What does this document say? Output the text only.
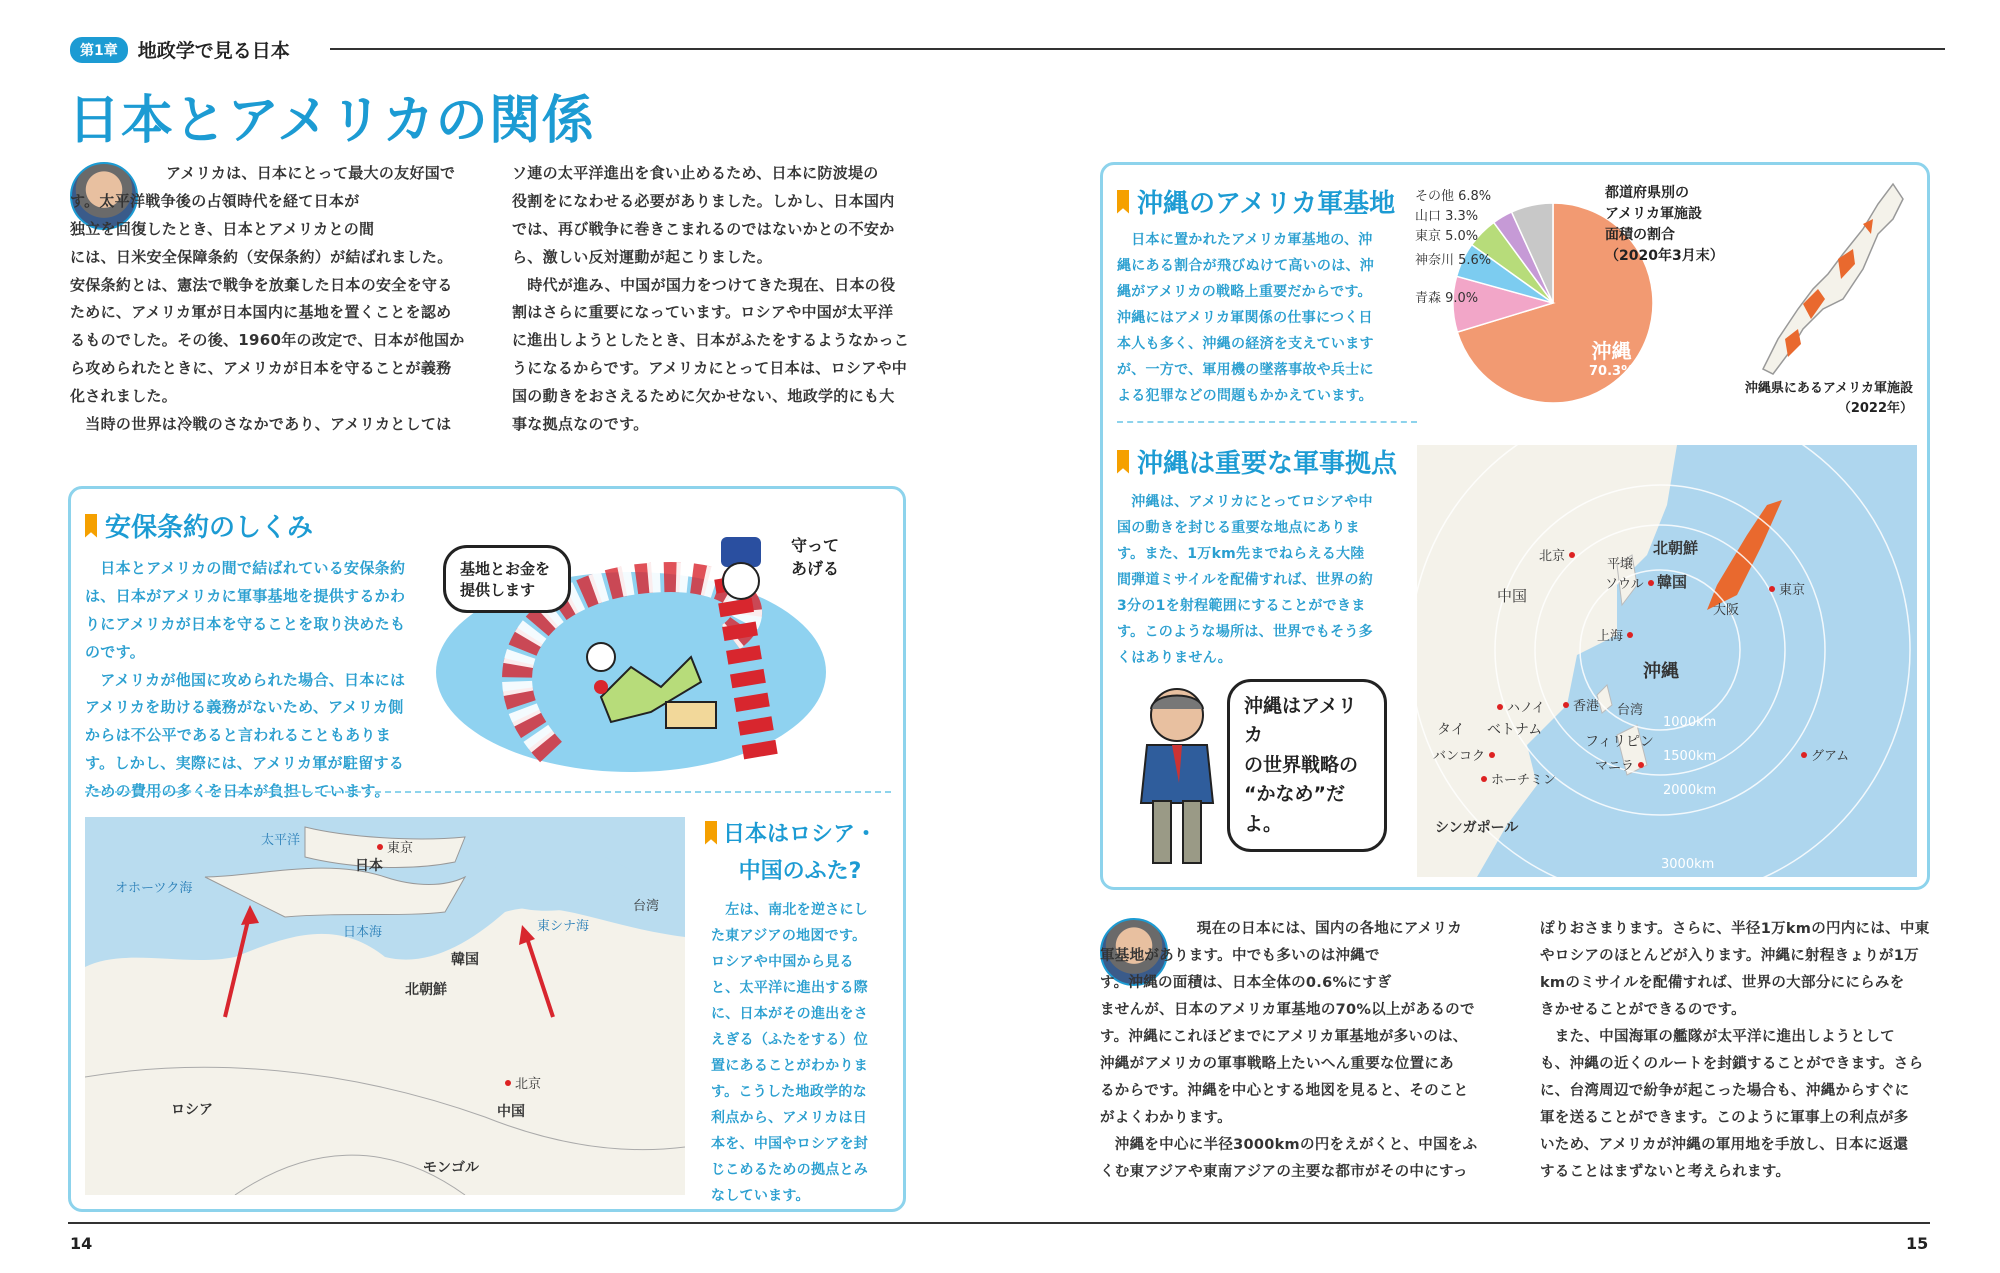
第1章	地政学で見る日本
日本とアメリカの関係
アメリカは、日本にとって最大の友好国で
す。太平洋戦争後の占領時代を経て日本が
独立を回復したとき、日本とアメリカとの間
には、日米安全保障条約（安保条約）が結ばれました。
安保条約とは、憲法で戦争を放棄した日本の安全を守る
ために、アメリカ軍が日本国内に基地を置くことを認め
るものでした。その後、1960年の改定で、日本が他国か
ら攻められたときに、アメリカが日本を守ることが義務
化されました。
　当時の世界は冷戦のさなかであり、アメリカとしては
ソ連の太平洋進出を食い止めるため、日本に防波堤の
役割をになわせる必要がありました。しかし、日本国内
では、再び戦争に巻きこまれるのではないかとの不安か
ら、激しい反対運動が起こりました。
　時代が進み、中国が国力をつけてきた現在、日本の役
割はさらに重要になっています。ロシアや中国が太平洋
に進出しようとしたとき、日本がふたをするようなかっこ
うになるからです。アメリカにとって日本は、ロシアや中
国の動きをおさえるために欠かせない、地政学的にも大
事な拠点なのです。
安保条約のしくみ
　日本とアメリカの間で結ばれている安保条約
は、日本がアメリカに軍事基地を提供するかわ
りにアメリカが日本を守ることを取り決めたも
のです。
　アメリカが他国に攻められた場合、日本には
アメリカを助ける義務がないため、アメリカ側
からは不公平であると言われることもありま
す。しかし、実際には、アメリカ軍が駐留する
ための費用の多くを日本が負担しています。
基地とお金を
提供します
守って
あげる
太平洋
東京
日本
オホーツク海
日本海	東シナ海
台湾
韓国
北朝鮮
北京
ロシア	中国
モンゴル
日本はロシア・
中国のふた?
　左は、南北を逆さにし
た東アジアの地図です。
ロシアや中国から見る
と、太平洋に進出する際
に、日本がその進出をさ
えぎる（ふたをする）位
置にあることがわかりま
す。こうした地政学的な
利点から、アメリカは日
本を、中国やロシアを封
じこめるための拠点とみ
なしています。
沖縄のアメリカ軍基地
　日本に置かれたアメリカ軍基地の、沖
縄にある割合が飛びぬけて高いのは、沖
縄がアメリカの戦略上重要だからです。
沖縄にはアメリカ軍関係の仕事につく日
本人も多く、沖縄の経済を支えています
が、一方で、軍用機の墜落事故や兵士に
よる犯罪などの問題もかかえています。
その他 6.8%
山口 3.3%
東京 5.0%
神奈川 5.6%
青森 9.0%
沖縄
70.3%
都道府県別の
アメリカ軍施設
面積の割合
（2020年3月末）
沖縄県にあるアメリカ軍施設
（2022年）
沖縄は重要な軍事拠点
　沖縄は、アメリカにとってロシアや中
国の動きを封じる重要な地点にありま
す。また、1万km先までねらえる大陸
間弾道ミサイルを配備すれば、世界の約
3分の1を射程範囲にすることができま
す。このような場所は、世界でもそう多
くはありません。
沖縄はアメリカ
の世界戦略の
“かなめ”だよ。
北京
平壌
北朝鮮
ソウル 韓国
中国	東京
大阪
上海
沖縄
ハノイ 香港 台湾
タイ ベトナム
フィリピン
バンコク
マニラ
ホーチミン
グアム
シンガポール
1000km
1500km
2000km
3000km
　現在の日本には、国内の各地にアメリカ
軍基地があります。中でも多いのは沖縄で
す。沖縄の面積は、日本全体の0.6%にすぎ
ませんが、日本のアメリカ軍基地の70%以上があるので
す。沖縄にこれほどまでにアメリカ軍基地が多いのは、
沖縄がアメリカの軍事戦略上たいへん重要な位置にあ
るからです。沖縄を中心とする地図を見ると、そのこと
がよくわかります。
　沖縄を中心に半径3000kmの円をえがくと、中国をふ
くむ東アジアや東南アジアの主要な都市がその中にすっ
ぽりおさまります。さらに、半径1万kmの円内には、中東
やロシアのほとんどが入ります。沖縄に射程きょりが1万
kmのミサイルを配備すれば、世界の大部分ににらみを
きかせることができるのです。
　また、中国海軍の艦隊が太平洋に進出しようとして
も、沖縄の近くのルートを封鎖することができます。さら
に、台湾周辺で紛争が起こった場合も、沖縄からすぐに
軍を送ることができます。このように軍事上の利点が多
いため、アメリカが沖縄の軍用地を手放し、日本に返還
することはまずないと考えられます。
14	15
